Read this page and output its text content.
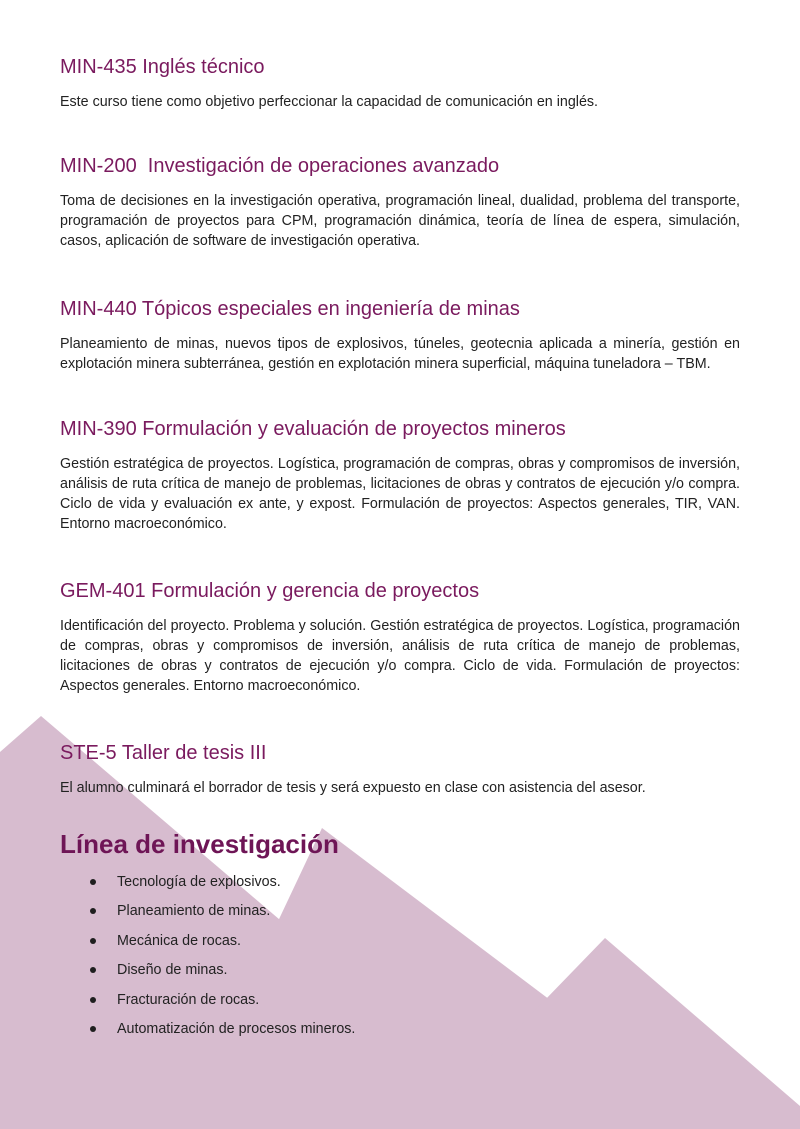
MIN-435 Inglés técnico

Este curso tiene como objetivo perfeccionar la capacidad de comunicación en inglés.

MIN-200  Investigación de operaciones avanzado

Toma de decisiones en la investigación operativa, programación lineal, dualidad, problema del transporte, programación de proyectos para CPM, programación dinámica, teoría de línea de espera, simulación, casos, aplicación de software de investigación operativa.

MIN-440 Tópicos especiales en ingeniería de minas

Planeamiento de minas, nuevos tipos de explosivos, túneles, geotecnia aplicada a minería, gestión en explotación minera subterránea, gestión en explotación minera superficial, máquina tuneladora – TBM.

MIN-390 Formulación y evaluación de proyectos mineros

Gestión estratégica de proyectos. Logística, programación de compras, obras y compromisos de inversión, análisis de ruta crítica de manejo de problemas, licitaciones de obras y contratos de ejecución y/o compra. Ciclo de vida y evaluación ex ante, y expost. Formulación de proyectos: Aspectos generales, TIR, VAN. Entorno macroeconómico.

GEM-401 Formulación y gerencia de proyectos

Identificación del proyecto. Problema y solución. Gestión estratégica de proyectos. Logística, programación de compras, obras y compromisos de inversión, análisis de ruta crítica de manejo de problemas, licitaciones de obras y contratos de ejecución y/o compra. Ciclo de vida. Formulación de proyectos: Aspectos generales. Entorno macroeconómico.

STE-5 Taller de tesis III

El alumno culminará el borrador de tesis y será expuesto en clase con asistencia del asesor.

Línea de investigación
Tecnología de explosivos.
Planeamiento de minas.
Mecánica de rocas.
Diseño de minas.
Fracturación de rocas.
Automatización de procesos mineros.
